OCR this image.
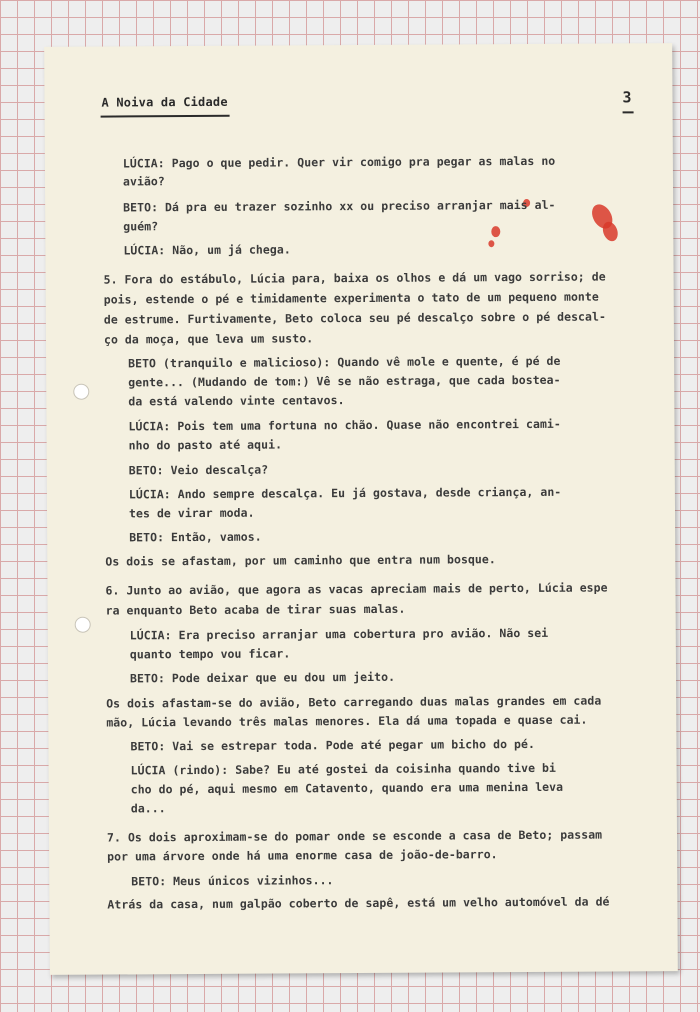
A Noiva da Cidade	3
LÚCIA: Pago o que pedir. Quer vir comigo pra pegar as malas no
avião?
BETO: Dá pra eu trazer sozinho xx ou preciso arranjar mais al-
guém?
LÚCIA: Não, um já chega.
5. Fora do estábulo, Lúcia para, baixa os olhos e dá um vago sorriso; de
pois, estende o pé e timidamente experimenta o tato de um pequeno monte
de estrume. Furtivamente, Beto coloca seu pé descalço sobre o pé descal-
ço da moça, que leva um susto.
BETO (tranquilo e malicioso): Quando vê mole e quente, é pé de
gente... (Mudando de tom:) Vê se não estraga, que cada bostea-
da está valendo vinte centavos.
LÚCIA: Pois tem uma fortuna no chão. Quase não encontrei cami-
nho do pasto até aqui.
BETO: Veio descalça?
LÚCIA: Ando sempre descalça. Eu já gostava, desde criança, an-
tes de virar moda.
BETO: Então, vamos.
Os dois se afastam, por um caminho que entra num bosque.
6. Junto ao avião, que agora as vacas apreciam mais de perto, Lúcia espe
ra enquanto Beto acaba de tirar suas malas.
LÚCIA: Era preciso arranjar uma cobertura pro avião. Não sei
quanto tempo vou ficar.
BETO: Pode deixar que eu dou um jeito.
Os dois afastam-se do avião, Beto carregando duas malas grandes em cada
mão, Lúcia levando três malas menores. Ela dá uma topada e quase cai.
BETO: Vai se estrepar toda. Pode até pegar um bicho do pé.
LÚCIA (rindo): Sabe? Eu até gostei da coisinha quando tive bi
cho do pé, aqui mesmo em Catavento, quando era uma menina leva
da...
7. Os dois aproximam-se do pomar onde se esconde a casa de Beto; passam
por uma árvore onde há uma enorme casa de joão-de-barro.
BETO: Meus únicos vizinhos...
Atrás da casa, num galpão coberto de sapê, está um velho automóvel da dé
